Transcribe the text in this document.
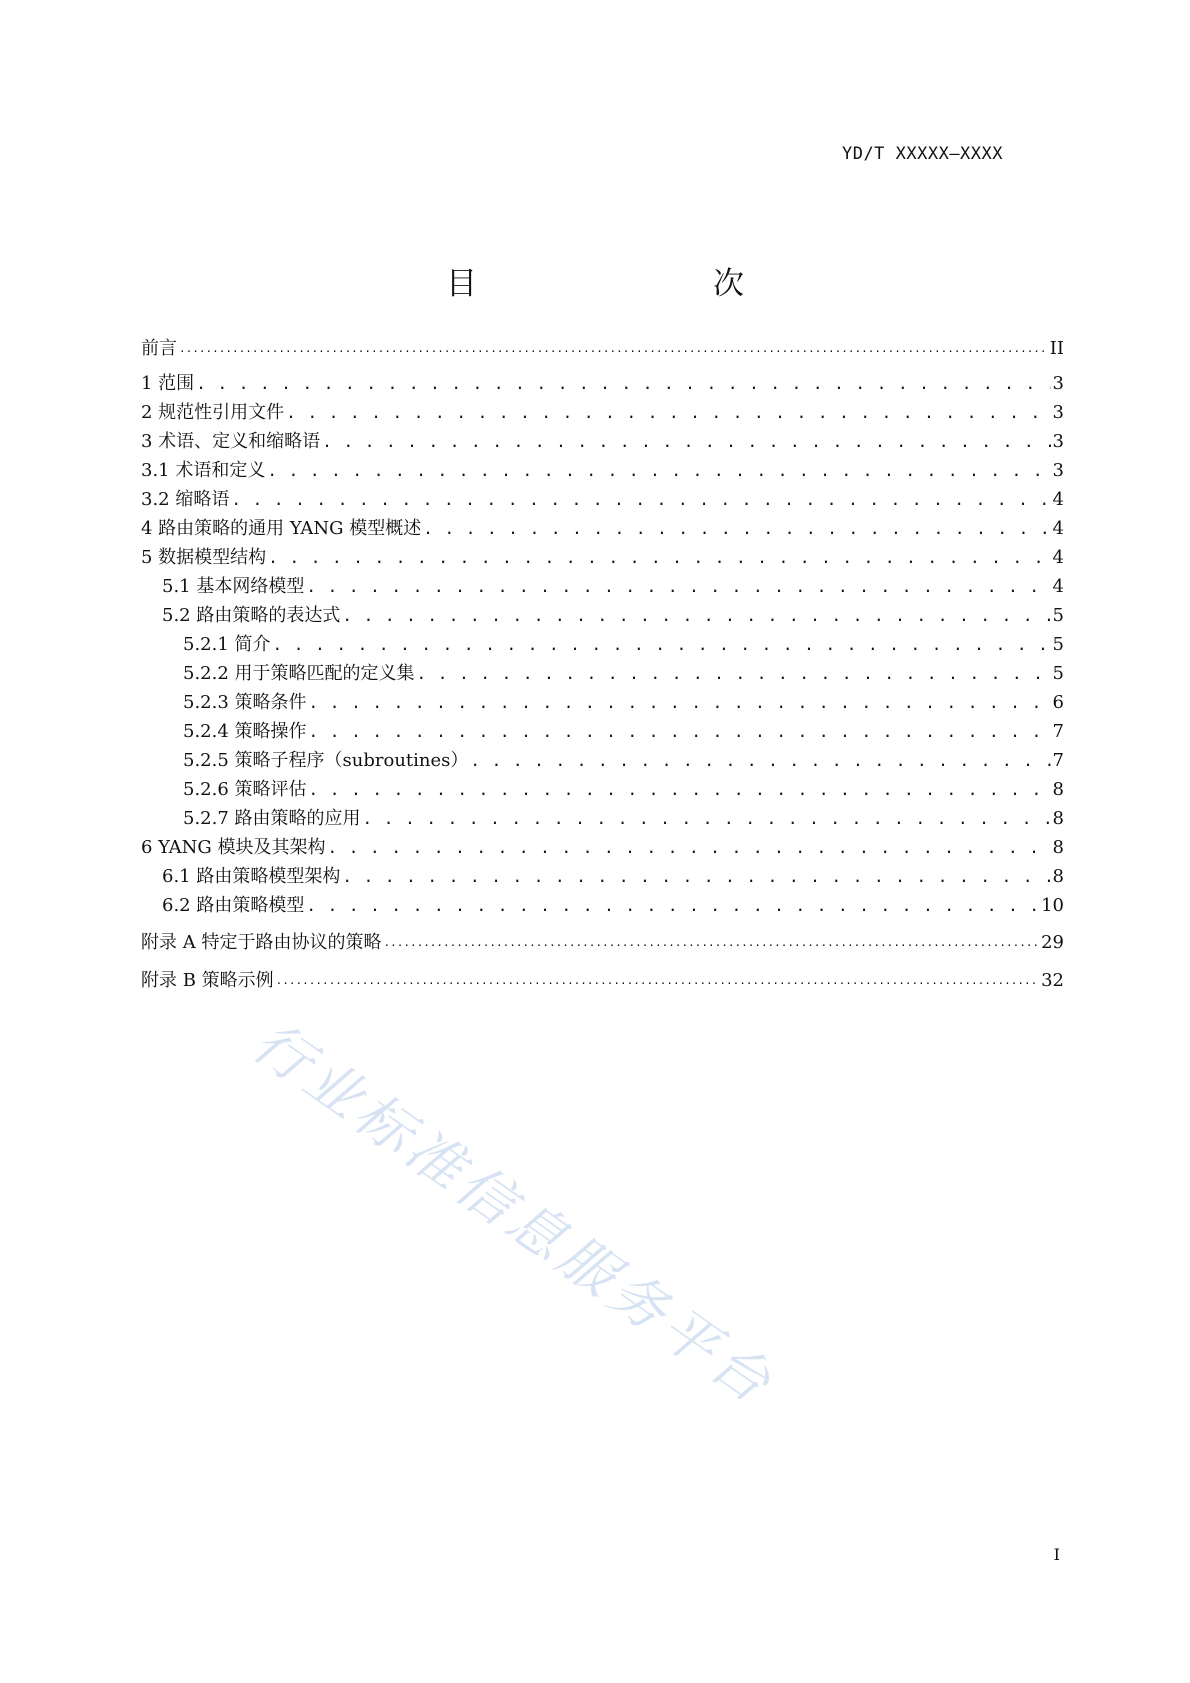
YD/T XXXXX—XXXX
目　　次
前言 .....	II
1 范围 . . .	3
2 规范性引用文件 . . .	3
3 术语、定义和缩略语 . . .	3
3.1 术语和定义 . . .	3
3.2 缩略语 . . .	4
4 路由策略的通用 YANG 模型概述 . . .	4
5 数据模型结构 . . .	4
5.1 基本网络模型 . . .	4
5.2 路由策略的表达式 . . .	5
5.2.1 简介 . . .	5
5.2.2 用于策略匹配的定义集 . . .	5
5.2.3 策略条件 . . .	6
5.2.4 策略操作 . . .	7
5.2.5 策略子程序（subroutines） . . .	7
5.2.6 策略评估 . . .	8
5.2.7 路由策略的应用 . . .	8
6 YANG 模块及其架构 . . .	8
6.1 路由策略模型架构 . . .	8
6.2 路由策略模型 . . .	10
附录 A 特定于路由协议的策略 .....	29
附录 B 策略示例 .....	32
行业标准信息服务平台
I
